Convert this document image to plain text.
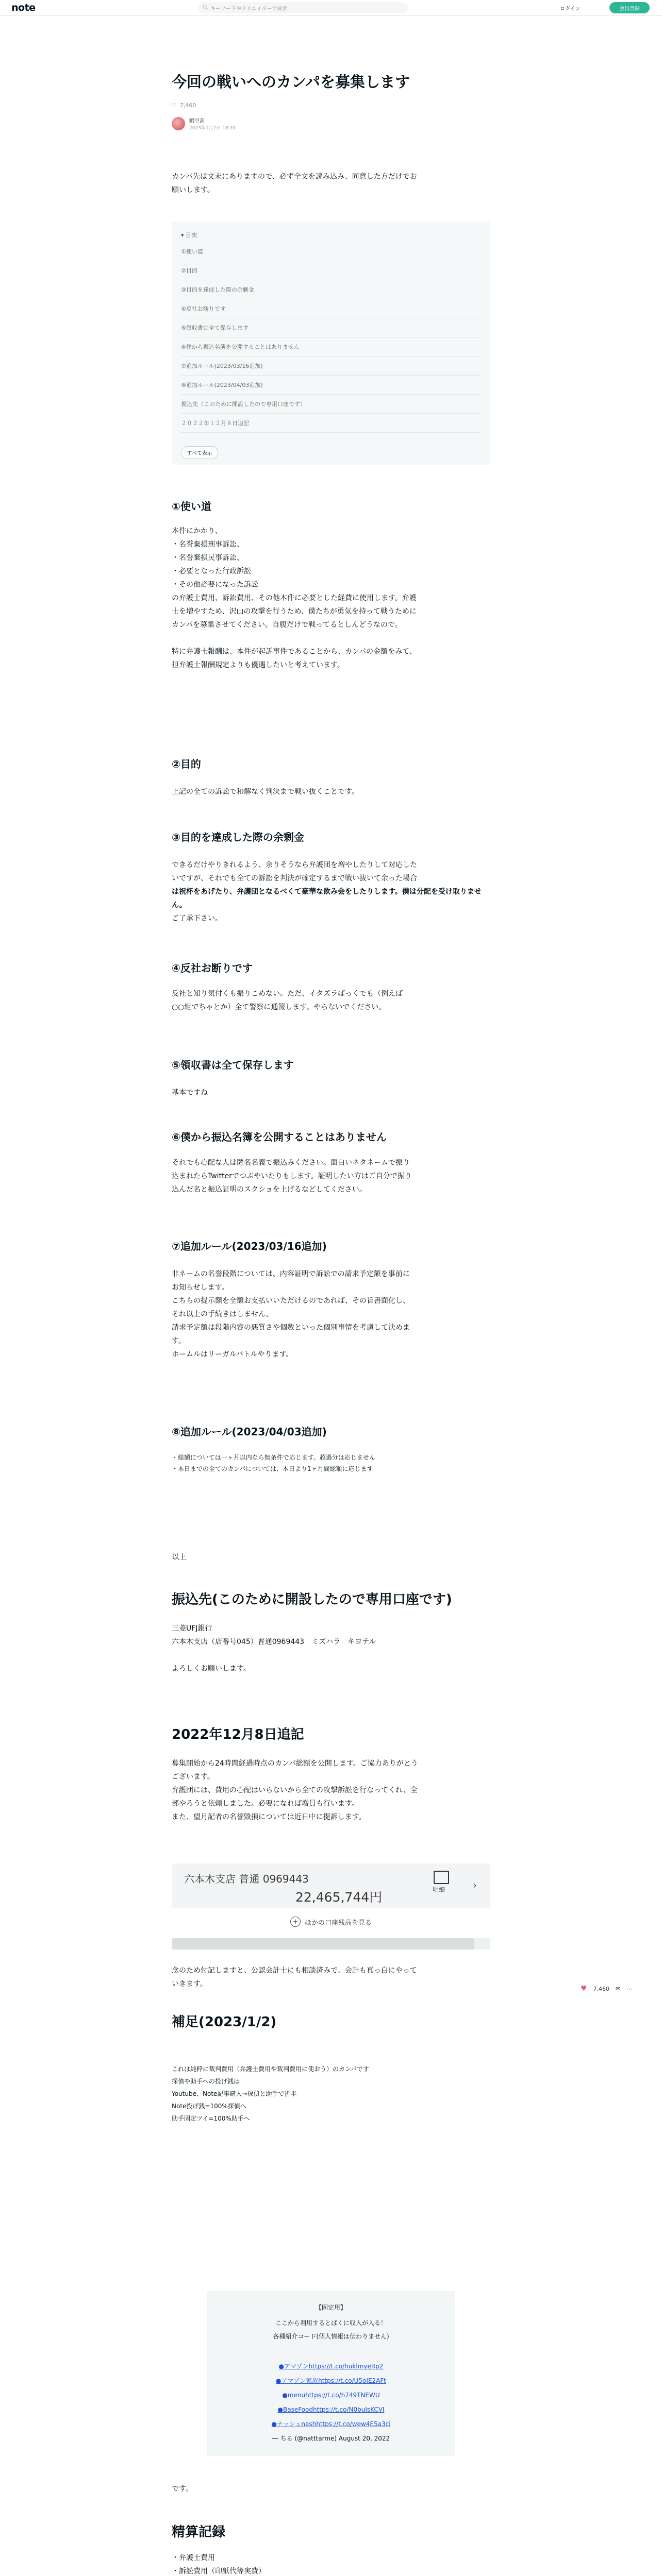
note	🔍︎ キーワードやクリエイターで検索	ログイン	会員登録
今回の戦いへのカンパを募集します
♡ 7,460
暇空茜
2023年1月7日 18:20
カンパ先は文末にありますので、必ず全文を読み込み、同意した方だけでお
願いします。
▾ 目次
①使い道
②目的
③目的を達成した際の余剰金
④反社お断りです
⑤領収書は全て保存します
⑥僕から振込名簿を公開することはありません
⑦追加ルール(2023/03/16追加)
⑧追加ルール(2023/04/03追加)
振込先（このために開設したので専用口座です）
２０２２年１２月８日追記
すべて表示
①使い道
本件にかかり、
・名誉棄損刑事訴訟、
・名誉棄損民事訴訟、
・必要となった行政訴訟
・その他必要になった訴訟
の弁護士費用、訴訟費用、その他本件に必要とした経費に使用します。弁護
士を増やすため、沢山の攻撃を行うため、僕たちが勇気を持って戦うために
カンパを募集させてください。自腹だけで戦ってるとしんどうなので。
特に弁護士報酬は、本件が起訴事件であることから、カンパの金額をみて、
担弁護士報酬規定よりも優遇したいと考えています。
②目的
上記の全ての訴訟で和解なく判決まで戦い抜くことです。
③目的を達成した際の余剰金
できるだけやりきれるよう、余りそうなら弁護団を増やしたりして対応した
いですが、それでも全ての訴訟を判決が確定するまで戦い抜いて余った場合
は祝杯をあげたり、弁護団となるべくて豪華な飲み会をしたりします。僕は分配を受け取りません。
ご了承下さい。
④反社お断りです
反社と知り気付くも振りこめない。ただ、イタズラばっくでも（例えば
○○組でちゃとか）全て警察に通報します。やらないでください。
⑤領収書は全て保存します
基本ですね
⑥僕から振込名簿を公開することはありません
それでも心配な人は匿名名義で振込みください。面白いネタネームで振り
込まれたらTwitterでつぶやいたりもします。証明したい方はご自分で振り
込んだ名と振込証明のスクショを上げるなどしてください。
⑦追加ルール(2023/03/16追加)
非ネームの名誉段階については、内容証明で訴訟での請求予定額を事前に
お知らせします。
こちらの提示額を全額お支払いいただけるのであれば、その旨書面化し、
それ以上の手続きはしません。
請求予定額は段階内容の悪質さや個数といった個別事情を考慮して決めま
す。
ホームルはリーガルバトルやります。
⑧追加ルール(2023/04/03追加)
・総額については一ヶ月以内なら無条件で応じます。超過分は応じません
・本日までの全てのカンパについては、本日より1ヶ月間総額に応じます
以上
振込先(このために開設したので専用口座です)
三菱UFJ銀行
六本木支店（店番号045）普通0969443　ミズハラ　キヨテル
よろしくお願いします。
2022年12月8日追記
募集開始から24時間経過時点のカンパ総額を公開します。ご協力ありがとう
ございます。
弁護団には、費用の心配はいらないから全ての攻撃訴訟を行なってくれ、全
部やろうと依頼しました。必要になれば増員も行います。
また、望月記者の名誉毀損については近日中に提訴します。
六本木支店 普通 0969443
22,465,744円	明細	›
+ ほかの口座残高を見る
念のため付記しますと、公認会計士にも相談済みで、会計も真っ白にやって
いきます。
♥ 7,460 ✉ ⋯
補足(2023/1/2)
これは純粋に裁判費用（弁護士費用や裁判費用に使おう）のカンパです
探偵や助手への投げ銭は
Youtube、Note記事購入→探偵と助手で折半
Note投げ銭=100%探偵へ
助手固定ツイ=100%助手へ
【固定用】
ここから利用するとばくに収入が入る！
各種紹介コード(個人情報は伝わりません)
●アマゾンhttps://t.co/huklmyeRp2
●アマゾン家族https://t.co/U5oIE2AFt
●menuhttps://t.co/h749TNEWU
●BaseFoodhttps://t.co/N0buIsKCVI
●ナッシュnashhttps://t.co/wew4E5a3ci
― ちる (@natttarme) August 20, 2022
です。
精算記録
・弁護士費用
・訴訟費用（印紙代等実費）
